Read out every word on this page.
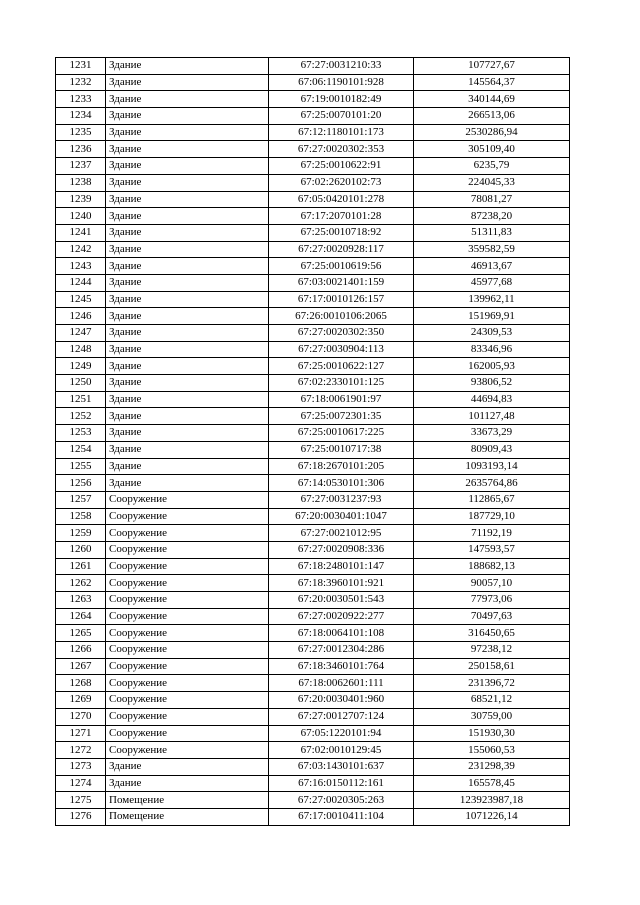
1231	Здание	67:27:0031210:33	107727,67
1232	Здание	67:06:1190101:928	145564,37
1233	Здание	67:19:0010182:49	340144,69
1234	Здание	67:25:0070101:20	266513,06
1235	Здание	67:12:1180101:173	2530286,94
1236	Здание	67:27:0020302:353	305109,40
1237	Здание	67:25:0010622:91	6235,79
1238	Здание	67:02:2620102:73	224045,33
1239	Здание	67:05:0420101:278	78081,27
1240	Здание	67:17:2070101:28	87238,20
1241	Здание	67:25:0010718:92	51311,83
1242	Здание	67:27:0020928:117	359582,59
1243	Здание	67:25:0010619:56	46913,67
1244	Здание	67:03:0021401:159	45977,68
1245	Здание	67:17:0010126:157	139962,11
1246	Здание	67:26:0010106:2065	151969,91
1247	Здание	67:27:0020302:350	24309,53
1248	Здание	67:27:0030904:113	83346,96
1249	Здание	67:25:0010622:127	162005,93
1250	Здание	67:02:2330101:125	93806,52
1251	Здание	67:18:0061901:97	44694,83
1252	Здание	67:25:0072301:35	101127,48
1253	Здание	67:25:0010617:225	33673,29
1254	Здание	67:25:0010717:38	80909,43
1255	Здание	67:18:2670101:205	1093193,14
1256	Здание	67:14:0530101:306	2635764,86
1257	Сооружение	67:27:0031237:93	112865,67
1258	Сооружение	67:20:0030401:1047	187729,10
1259	Сооружение	67:27:0021012:95	71192,19
1260	Сооружение	67:27:0020908:336	147593,57
1261	Сооружение	67:18:2480101:147	188682,13
1262	Сооружение	67:18:3960101:921	90057,10
1263	Сооружение	67:20:0030501:543	77973,06
1264	Сооружение	67:27:0020922:277	70497,63
1265	Сооружение	67:18:0064101:108	316450,65
1266	Сооружение	67:27:0012304:286	97238,12
1267	Сооружение	67:18:3460101:764	250158,61
1268	Сооружение	67:18:0062601:111	231396,72
1269	Сооружение	67:20:0030401:960	68521,12
1270	Сооружение	67:27:0012707:124	30759,00
1271	Сооружение	67:05:1220101:94	151930,30
1272	Сооружение	67:02:0010129:45	155060,53
1273	Здание	67:03:1430101:637	231298,39
1274	Здание	67:16:0150112:161	165578,45
1275	Помещение	67:27:0020305:263	123923987,18
1276	Помещение	67:17:0010411:104	1071226,14
